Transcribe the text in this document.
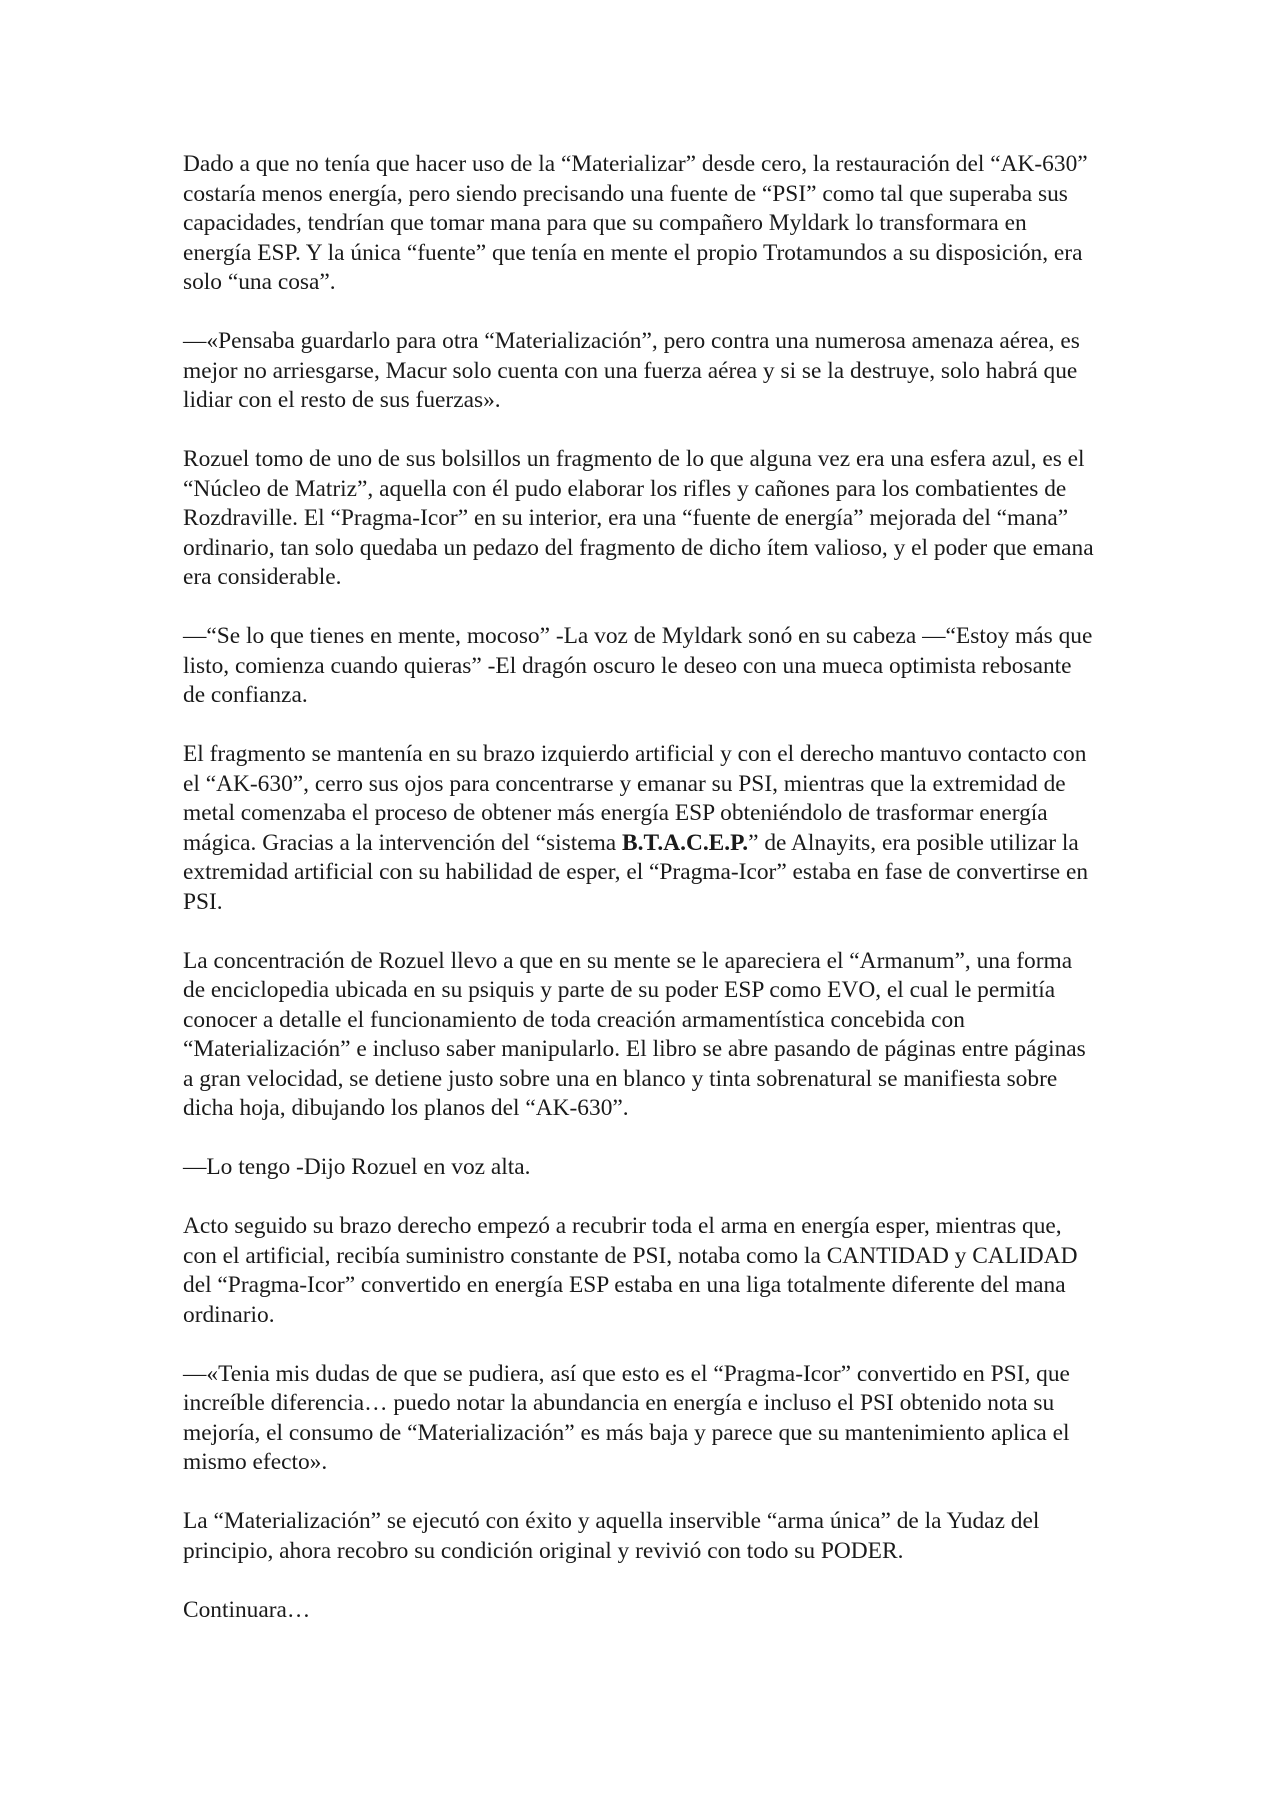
Dado a que no tenía que hacer uso de la “Materializar” desde cero, la restauración del “AK-630” costaría menos energía, pero siendo precisando una fuente de “PSI” como tal que superaba sus capacidades, tendrían que tomar mana para que su compañero Myldark lo transformara en energía ESP. Y la única “fuente” que tenía en mente el propio Trotamundos a su disposición, era solo “una cosa”.

—«Pensaba guardarlo para otra “Materialización”, pero contra una numerosa amenaza aérea, es mejor no arriesgarse, Macur solo cuenta con una fuerza aérea y si se la destruye, solo habrá que lidiar con el resto de sus fuerzas».

Rozuel tomo de uno de sus bolsillos un fragmento de lo que alguna vez era una esfera azul, es el “Núcleo de Matriz”, aquella con él pudo elaborar los rifles y cañones para los combatientes de Rozdraville. El “Pragma-Icor” en su interior, era una “fuente de energía” mejorada del “mana” ordinario, tan solo quedaba un pedazo del fragmento de dicho ítem valioso, y el poder que emana era considerable.

—“Se lo que tienes en mente, mocoso” -La voz de Myldark sonó en su cabeza —“Estoy más que listo, comienza cuando quieras” -El dragón oscuro le deseo con una mueca optimista rebosante de confianza.

El fragmento se mantenía en su brazo izquierdo artificial y con el derecho mantuvo contacto con el “AK-630”, cerro sus ojos para concentrarse y emanar su PSI, mientras que la extremidad de metal comenzaba el proceso de obtener más energía ESP obteniéndolo de trasformar energía mágica. Gracias a la intervención del “sistema B.T.A.C.E.P.” de Alnayits, era posible utilizar la extremidad artificial con su habilidad de esper, el “Pragma-Icor” estaba en fase de convertirse en PSI.

La concentración de Rozuel llevo a que en su mente se le apareciera el “Armanum”, una forma de enciclopedia ubicada en su psiquis y parte de su poder ESP como EVO, el cual le permitía conocer a detalle el funcionamiento de toda creación armamentística concebida con “Materialización” e incluso saber manipularlo. El libro se abre pasando de páginas entre páginas a gran velocidad, se detiene justo sobre una en blanco y tinta sobrenatural se manifiesta sobre dicha hoja, dibujando los planos del “AK-630”.

—Lo tengo -Dijo Rozuel en voz alta.

Acto seguido su brazo derecho empezó a recubrir toda el arma en energía esper, mientras que, con el artificial, recibía suministro constante de PSI, notaba como la CANTIDAD y CALIDAD del “Pragma-Icor” convertido en energía ESP estaba en una liga totalmente diferente del mana ordinario.

—«Tenia mis dudas de que se pudiera, así que esto es el “Pragma-Icor” convertido en PSI, que increíble diferencia… puedo notar la abundancia en energía e incluso el PSI obtenido nota su mejoría, el consumo de “Materialización” es más baja y parece que su mantenimiento aplica el mismo efecto».

La “Materialización” se ejecutó con éxito y aquella inservible “arma única” de la Yudaz del principio, ahora recobro su condición original y revivió con todo su PODER.

Continuara…
